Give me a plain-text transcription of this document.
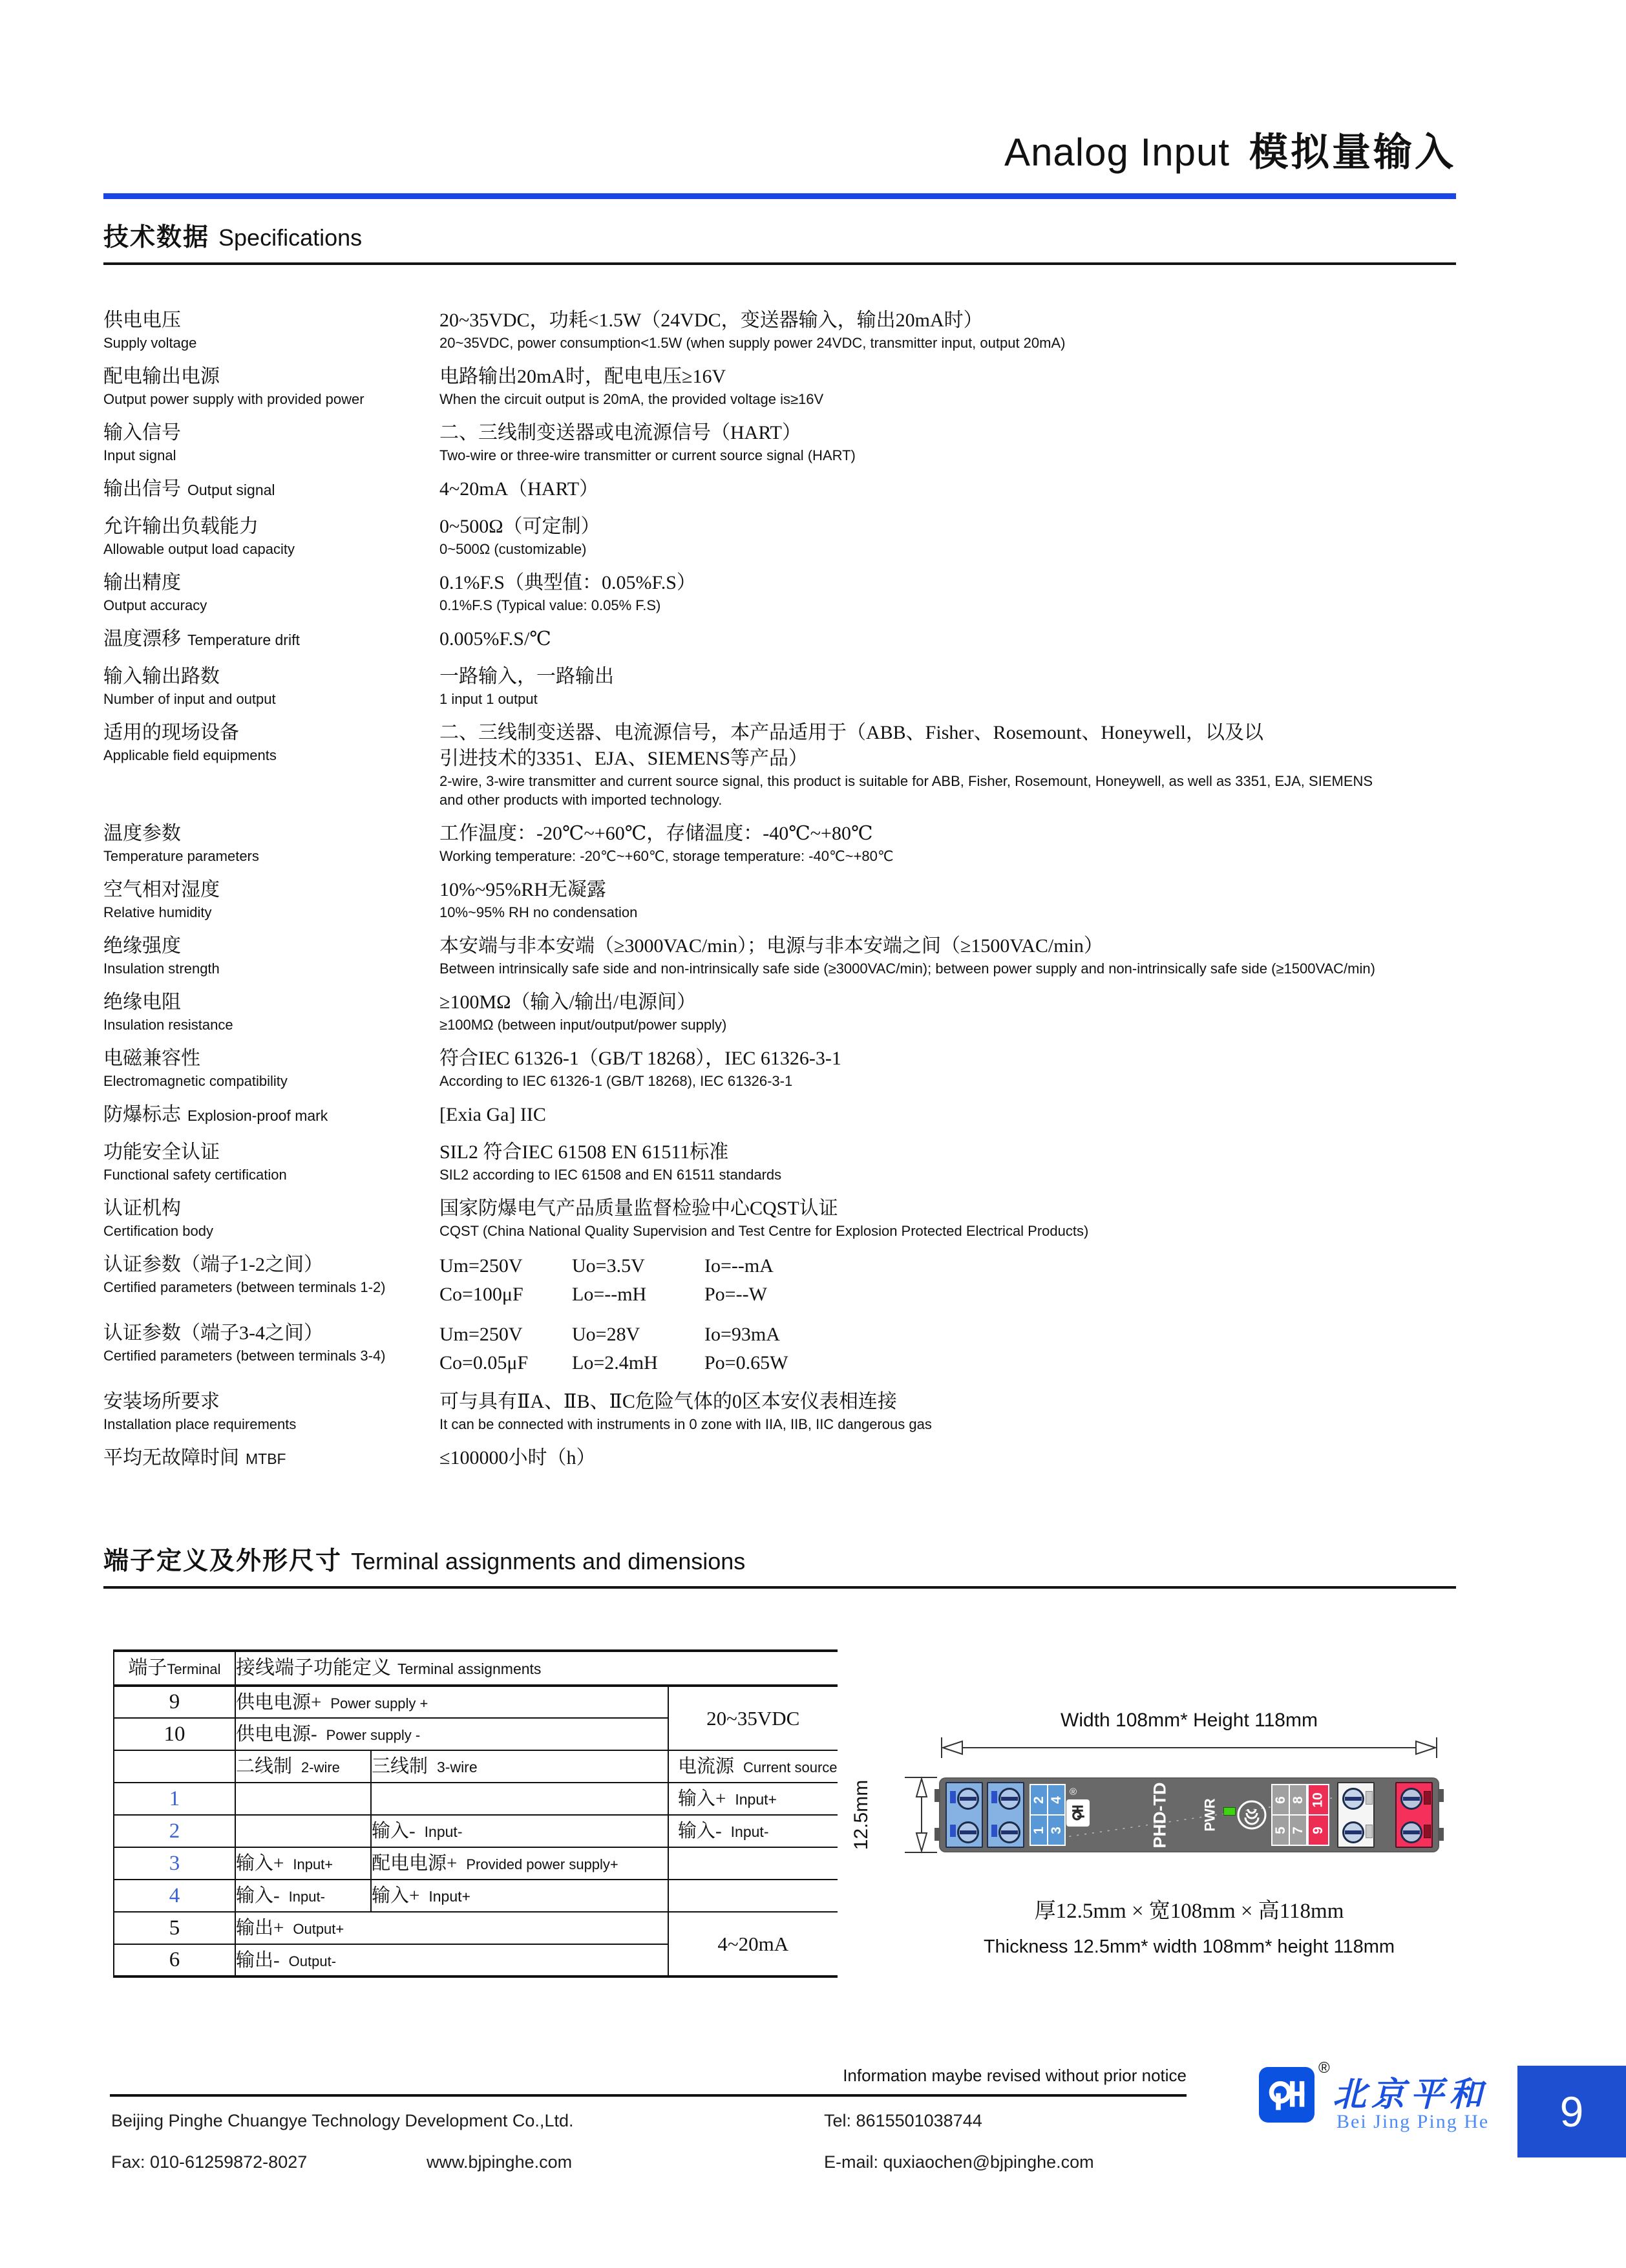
Analog Input 模拟量输入
技术数据 Specifications
供电电压
Supply voltage
20~35VDC，功耗<1.5W（24VDC，变送器输入，输出20mA时）
20~35VDC, power consumption<1.5W (when supply power 24VDC, transmitter input, output 20mA)
配电输出电源
Output power supply with provided power
电路输出20mA时，配电电压≥16V
When the circuit output is 20mA, the provided voltage is≥16V
输入信号
Input signal
二、三线制变送器或电流源信号（HART）
Two-wire or three-wire transmitter or current source signal (HART)
输出信号 Output signal	4~20mA（HART）
允许输出负载能力
Allowable output load capacity
0~500Ω（可定制）
0~500Ω (customizable)
输出精度
Output accuracy
0.1%F.S（典型值：0.05%F.S）
0.1%F.S (Typical value: 0.05% F.S)
温度漂移 Temperature drift	0.005%F.S/℃
输入输出路数
Number of input and output
一路输入，一路输出
1 input 1 output
适用的现场设备
Applicable field equipments
二、三线制变送器、电流源信号，本产品适用于（ABB、Fisher、Rosemount、Honeywell，以及以
引进技术的3351、EJA、SIEMENS等产品）
2-wire, 3-wire transmitter and current source signal, this product is suitable for ABB, Fisher, Rosemount, Honeywell, as well as 3351, EJA, SIEMENS
and other products with imported technology.
温度参数
Temperature parameters
工作温度：-20℃~+60℃，存储温度：-40℃~+80℃
Working temperature: -20℃~+60℃, storage temperature: -40℃~+80℃
空气相对湿度
Relative humidity
10%~95%RH无凝露
10%~95% RH no condensation
绝缘强度
Insulation strength
本安端与非本安端（≥3000VAC/min）；电源与非本安端之间（≥1500VAC/min）
Between intrinsically safe side and non-intrinsically safe side (≥3000VAC/min); between power supply and non-intrinsically safe side (≥1500VAC/min)
绝缘电阻
Insulation resistance
≥100MΩ（输入/输出/电源间）
≥100MΩ (between input/output/power supply)
电磁兼容性
Electromagnetic compatibility
符合IEC 61326-1（GB/T 18268），IEC 61326-3-1
According to IEC 61326-1 (GB/T 18268), IEC 61326-3-1
防爆标志 Explosion-proof mark	[Exia Ga] IIC
功能安全认证
Functional safety certification
SIL2 符合IEC 61508 EN 61511标准
SIL2 according to IEC 61508 and EN 61511 standards
认证机构
Certification body
国家防爆电气产品质量监督检验中心CQST认证
CQST (China National Quality Supervision and Test Centre for Explosion Protected Electrical Products)
认证参数（端子1-2之间）
Certified parameters (between terminals 1-2)
Um=250V	Uo=3.5V	Io=--mA
Co=100μF	Lo=--mH	Po=--W
认证参数（端子3-4之间）
Certified parameters (between terminals 3-4)
Um=250V	Uo=28V	Io=93mA
Co=0.05μF Lo=2.4mH Po=0.65W
安装场所要求
Installation place requirements
可与具有ⅡA、ⅡB、ⅡC危险气体的0区本安仪表相连接
It can be connected with instruments in 0 zone with IIA, IIB, IIC dangerous gas
平均无故障时间 MTBF	≤100000小时（h）
端子定义及外形尺寸 Terminal assignments and dimensions
端子Terminal	接线端子功能定义 Terminal assignments		
9	供电电源+ Power supply +		20~35VDC
10	供电电源- Power supply -		
	二线制 2-wire	三线制 3-wire	电流源 Current source
1			输入+ Input+
2		输入- Input-	输入- Input-
3	输入+ Input+	配电电源+ Provided power supply+	
4	输入- Input-	输入+ Input+	
5	输出+ Output+		4~20mA
6	输出- Output-		
Width 108mm* Height 118mm
12.5mm	2 4
1 3
®	PHD-TD PWR	6 8
5 7
10
9
厚12.5mm × 宽108mm × 高118mm
Thickness 12.5mm* width 108mm* height 118mm
Information maybe revised without prior notice
Beijing Pinghe Chuangye Technology Development Co.,Ltd.	Tel: 8615501038744
Fax: 010-61259872-8027	www.bjpinghe.com	E-mail: quxiaochen@bjpinghe.com
®
北京平和
Bei Jing Ping He 9
